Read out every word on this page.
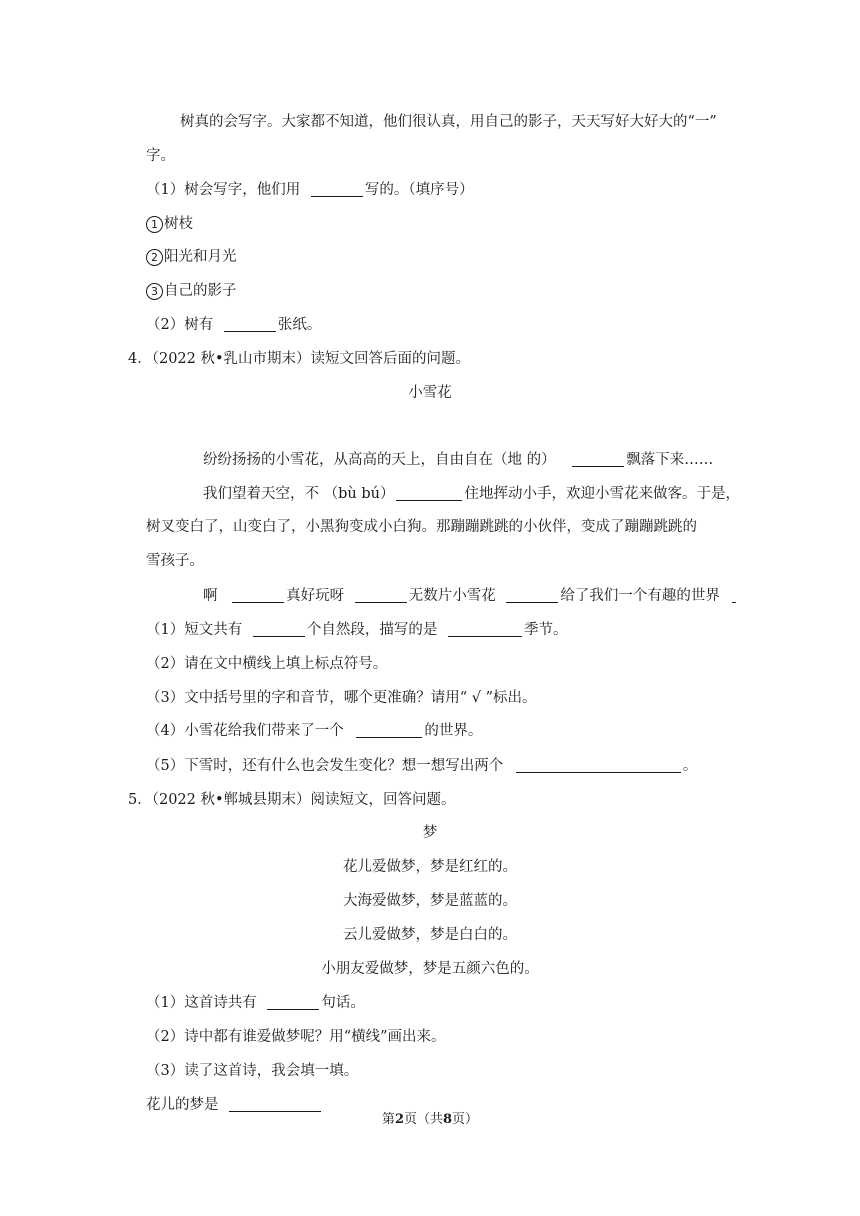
树真的会写字。大家都不知道，他们很认真，用自己的影子，天天写好大好大的“一”
字。
（1）树会写字，他们用	写的。（填序号）
1 树枝
2 阳光和月光
3 自己的影子
（2）树有	张纸。
4．（2022 秋•乳山市期末）读短文回答后面的问题。
小雪花
纷纷扬扬的小雪花，从高高的天上，自由自在（地 的）	飘落下来……
我们望着天空，不 （bù bú）	住地挥动小手，欢迎小雪花来做客。于是，
树叉变白了，山变白了，小黑狗变成小白狗。那蹦蹦跳跳的小伙伴，变成了蹦蹦跳跳的
雪孩子。
啊	真好玩呀	无数片小雪花	给了我们一个有趣的世界
（1）短文共有	个自然段，描写的是	季节。
（2）请在文中横线上填上标点符号。
（3）文中括号里的字和音节，哪个更准确？请用“ √ ”标出。
（4）小雪花给我们带来了一个	的世界。
（5）下雪时，还有什么也会发生变化？想一想写出两个	。
5．（2022 秋•郸城县期末）阅读短文，回答问题。
梦
花儿爱做梦，梦是红红的。
大海爱做梦，梦是蓝蓝的。
云儿爱做梦，梦是白白的。
小朋友爱做梦，梦是五颜六色的。
（1）这首诗共有	句话。
（2）诗中都有谁爱做梦呢？用“横线”画出来。
（3）读了这首诗，我会填一填。
花儿的梦是
第2页（共8页）
